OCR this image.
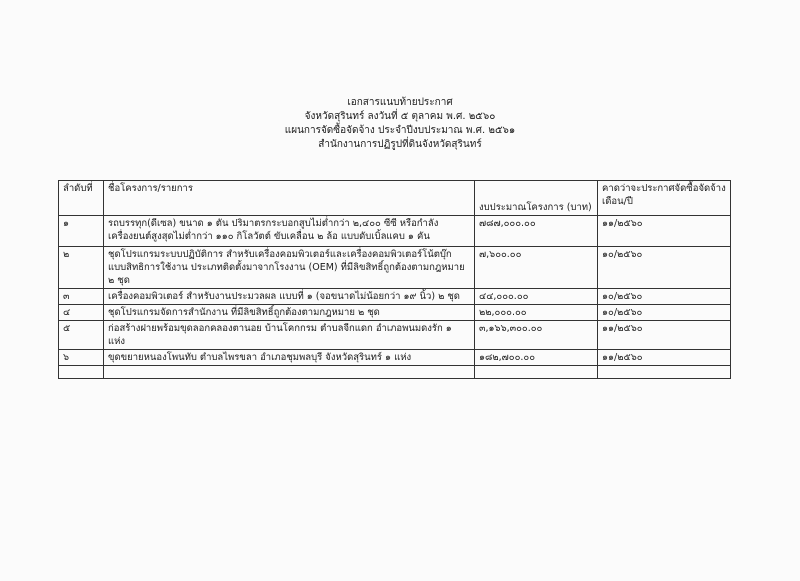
เอกสารแนบท้ายประกาศ
จังหวัดสุรินทร์ ลงวันที่ ๕ ตุลาคม พ.ศ. ๒๕๖๐
แผนการจัดซื้อจัดจ้าง ประจำปีงบประมาณ พ.ศ. ๒๕๖๑
สำนักงานการปฏิรูปที่ดินจังหวัดสุรินทร์
ลำดับที่	ชื่อโครงการ/รายการ	งบประมาณโครงการ (บาท)	คาดว่าจะประกาศจัดซื้อจัดจ้าง เดือน/ปี
๑	รถบรรทุก(ดีเซล) ขนาด ๑ ตัน ปริมาตรกระบอกสูบไม่ต่ำกว่า ๒,๔๐๐ ซีซี หรือกำลังเครื่องยนต์สูงสุดไม่ต่ำกว่า ๑๑๐ กิโลวัตต์ ขับเคลื่อน ๒ ล้อ แบบดับเบิ้ลแคบ ๑ คัน	๗๘๗,๐๐๐.๐๐	๑๑/๒๕๖๐
๒	ชุดโปรแกรมระบบปฏิบัติการ สำหรับเครื่องคอมพิวเตอร์และเครื่องคอมพิวเตอร์โน้ตบุ๊ก แบบสิทธิการใช้งาน ประเภทติดตั้งมาจากโรงงาน (OEM) ที่มีลิขสิทธิ์ถูกต้องตามกฎหมาย ๒ ชุด	๗,๖๐๐.๐๐	๑๐/๒๕๖๐
๓	เครื่องคอมพิวเตอร์ สำหรับงานประมวลผล แบบที่ ๑ (จอขนาดไม่น้อยกว่า ๑๙ นิ้ว) ๒ ชุด	๔๔,๐๐๐.๐๐	๑๐/๒๕๖๐
๔	ชุดโปรแกรมจัดการสำนักงาน ที่มีลิขสิทธิ์ถูกต้องตามกฎหมาย ๒ ชุด	๒๒,๐๐๐.๐๐	๑๐/๒๕๖๐
๕	ก่อสร้างฝายพร้อมขุดลอกคลองตานอย บ้านโคกกรม ตำบลจีกแดก อำเภอพนมดงรัก ๑ แห่ง	๓,๑๖๖,๓๐๐.๐๐	๑๑/๒๕๖๐
๖	ขุดขยายหนองโพนทับ ตำบลไพรขลา อำเภอชุมพลบุรี จังหวัดสุรินทร์ ๑ แห่ง	๑๘๒,๗๐๐.๐๐	๑๑/๒๕๖๐
